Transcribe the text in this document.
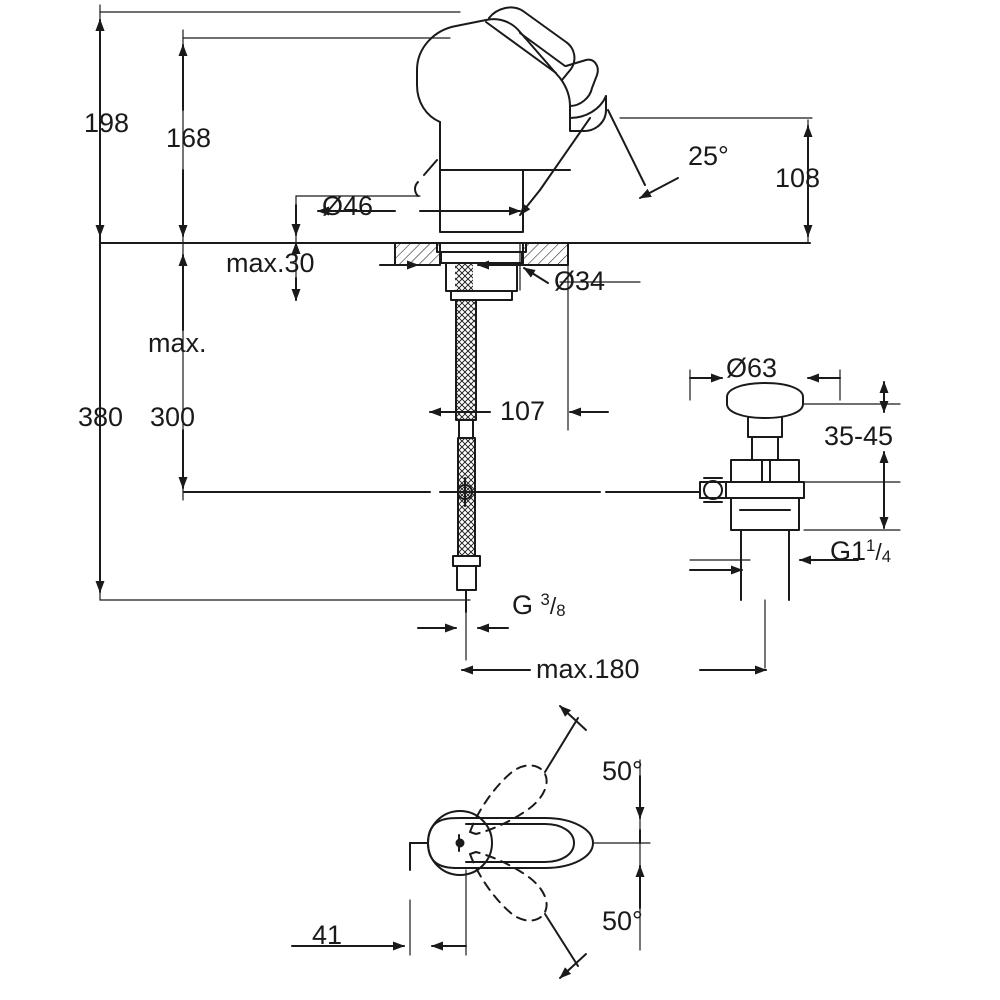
198 168
380
max.
300
108
25°
Ø46
max.30
Ø34
107
Ø63
35-45
$G1^1/4$
G $^3$/8
max.180
50°
50°
41
